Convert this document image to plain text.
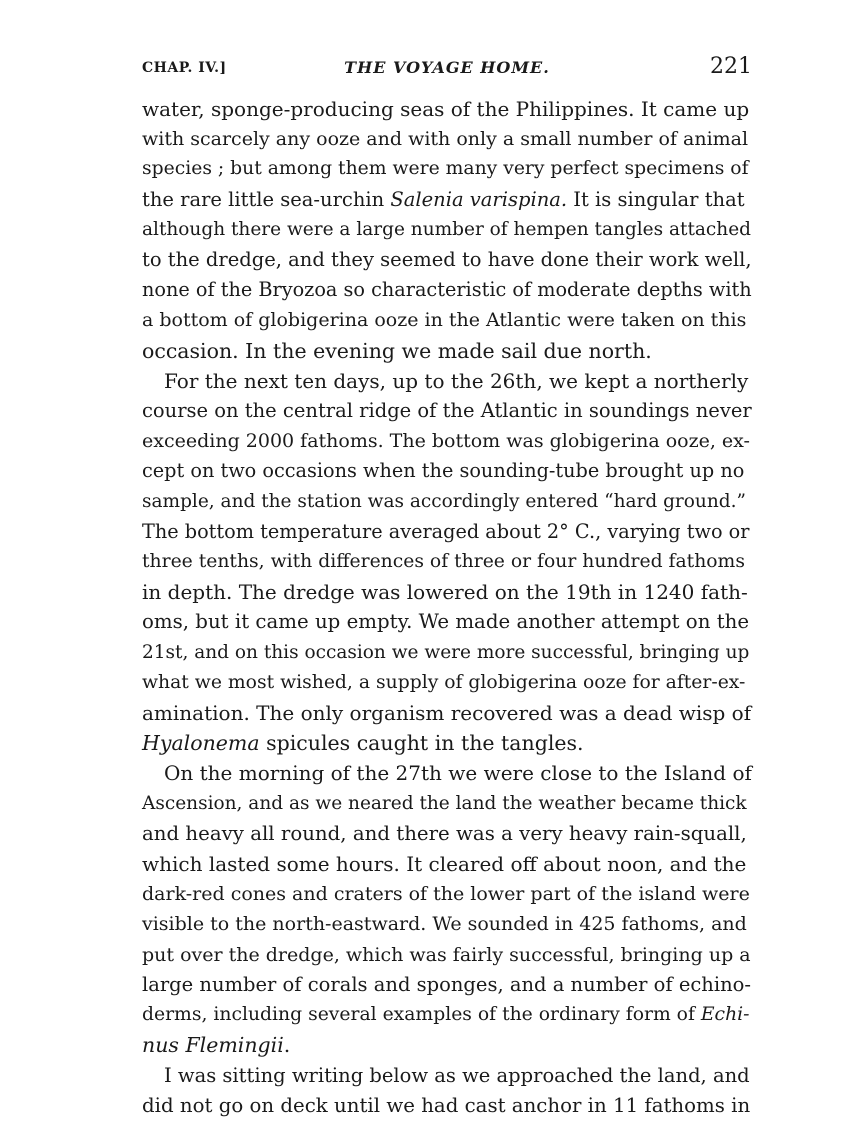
CHAP. IV.]	THE VOYAGE HOME.	221
water, sponge-producing seas of the Philippines. It came up
with scarcely any ooze and with only a small number of animal
species ; but among them were many very perfect specimens of
the rare little sea-urchin Salenia varispina. It is singular that
although there were a large number of hempen tangles attached
to the dredge, and they seemed to have done their work well,
none of the Bryozoa so characteristic of moderate depths with
a bottom of globigerina ooze in the Atlantic were taken on this
occasion. In the evening we made sail due north.
For the next ten days, up to the 26th, we kept a northerly
course on the central ridge of the Atlantic in soundings never
exceeding 2000 fathoms. The bottom was globigerina ooze, ex-
cept on two occasions when the sounding-tube brought up no
sample, and the station was accordingly entered “hard ground.”
The bottom temperature averaged about 2° C., varying two or
three tenths, with differences of three or four hundred fathoms
in depth. The dredge was lowered on the 19th in 1240 fath-
oms, but it came up empty. We made another attempt on the
21st, and on this occasion we were more successful, bringing up
what we most wished, a supply of globigerina ooze for after-ex-
amination. The only organism recovered was a dead wisp of
Hyalonema spicules caught in the tangles.
On the morning of the 27th we were close to the Island of
Ascension, and as we neared the land the weather became thick
and heavy all round, and there was a very heavy rain-squall,
which lasted some hours. It cleared off about noon, and the
dark-red cones and craters of the lower part of the island were
visible to the north-eastward. We sounded in 425 fathoms, and
put over the dredge, which was fairly successful, bringing up a
large number of corals and sponges, and a number of echino-
derms, including several examples of the ordinary form of Echi-
nus Flemingii.
I was sitting writing below as we approached the land, and
did not go on deck until we had cast anchor in 11 fathoms in
